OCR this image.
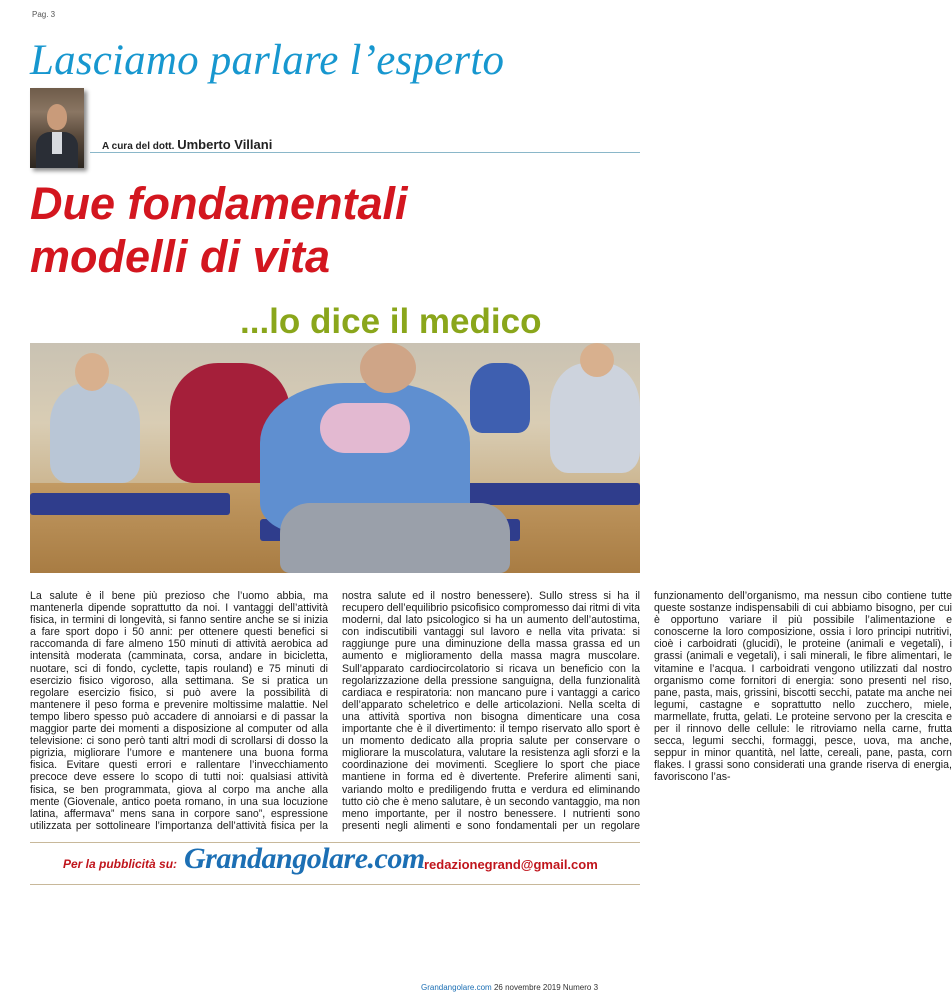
Pag. 3
Lasciamo parlare l’esperto
A cura del dott. Umberto Villani
Due fondamentali
modelli di vita
...lo dice il medico
La salute è il bene più prezioso che l’uomo abbia, ma mantenerla dipende soprattutto da noi. I vantaggi dell’attività fisica, in termini di longevità, si fanno sentire anche se si inizia a fare sport dopo i 50 anni: per ottenere questi benefici si raccomanda di fare almeno 150 minuti di attività aerobica ad intensità moderata (camminata, corsa, andare in bicicletta, nuotare, sci di fondo, cyclette, tapis rouland) e 75 minuti di esercizio fisico vigoroso, alla settimana. Se si pratica un regolare esercizio fisico, si può avere la possibilità di mantenere il peso forma e prevenire moltissime malattie. Nel tempo libero spesso può accadere di annoiarsi e di passar la maggior parte dei momenti a disposizione al computer od alla televisione: ci sono però tanti altri modi di scrollarsi di dosso la pigrizia, migliorare l’umore e mantenere una buona forma fisica. Evitare questi errori e rallentare l’invecchiamento precoce deve essere lo scopo di tutti noi: qualsiasi attività fisica, se ben programmata, giova al corpo ma anche alla mente (Giovenale, antico poeta romano, in una sua locuzione latina, affermava” mens sana in corpore sano”, espressione utilizzata per sottolineare l’importanza dell’attività fisica per la nostra salute ed il nostro benessere). Sullo stress si ha il recupero dell’equilibrio psicofisico compromesso dai ritmi di vita moderni, dal lato psicologico si ha un aumento dell’autostima, con indiscutibili vantaggi sul lavoro e nella vita privata: si raggiunge pure una diminuzione della massa grassa ed un aumento e miglioramento della massa magra muscolare. Sull’apparato cardiocircolatorio si ricava un beneficio con la regolarizzazione della pressione sanguigna, della funzionalità cardiaca e respiratoria: non mancano pure i vantaggi a carico dell’apparato scheletrico e delle articolazioni. Nella scelta di una attività sportiva non bisogna dimenticare una cosa importante che è il divertimento: il tempo riservato allo sport è un momento dedicato alla propria salute per conservare o migliorare la muscolatura, valutare la resistenza agli sforzi e la coordinazione dei movimenti. Scegliere lo sport che piace mantiene in forma ed è divertente. Preferire alimenti sani, variando molto e prediligendo frutta e verdura ed eliminando tutto ciò che è meno salutare, è un secondo vantaggio, ma non meno importante, per il nostro benessere. I nutrienti sono presenti negli alimenti e sono fondamentali per un regolare funzionamento dell’organismo, ma nessun cibo contiene tutte queste sostanze indispensabili di cui abbiamo bisogno, per cui è opportuno variare il più possibile l’alimentazione e conoscerne la loro composizione, ossia i loro principi nutritivi, cioè i carboidrati (glucidi), le proteine (animali e vegetali), i grassi (animali e vegetali), i sali minerali, le fibre alimentari, le vitamine e l’acqua. I carboidrati vengono utilizzati dal nostro organismo come fornitori di energia: sono presenti nel riso, pane, pasta, mais, grissini, biscotti secchi, patate ma anche nei legumi, castagne e soprattutto nello zucchero, miele, marmellate, frutta, gelati. Le proteine servono per la crescita e per il rinnovo delle cellule: le ritroviamo nella carne, frutta secca, legumi secchi, formaggi, pesce, uova, ma anche, seppur in minor quantità, nel latte, cereali, pane, pasta, corn flakes. I grassi sono considerati una grande riserva di energia, favoriscono l’as-
Per la pubblicità su: Grandangolare.com redazionegrand@gmail.com
Grandangolare.com 26 novembre 2019 Numero 3
